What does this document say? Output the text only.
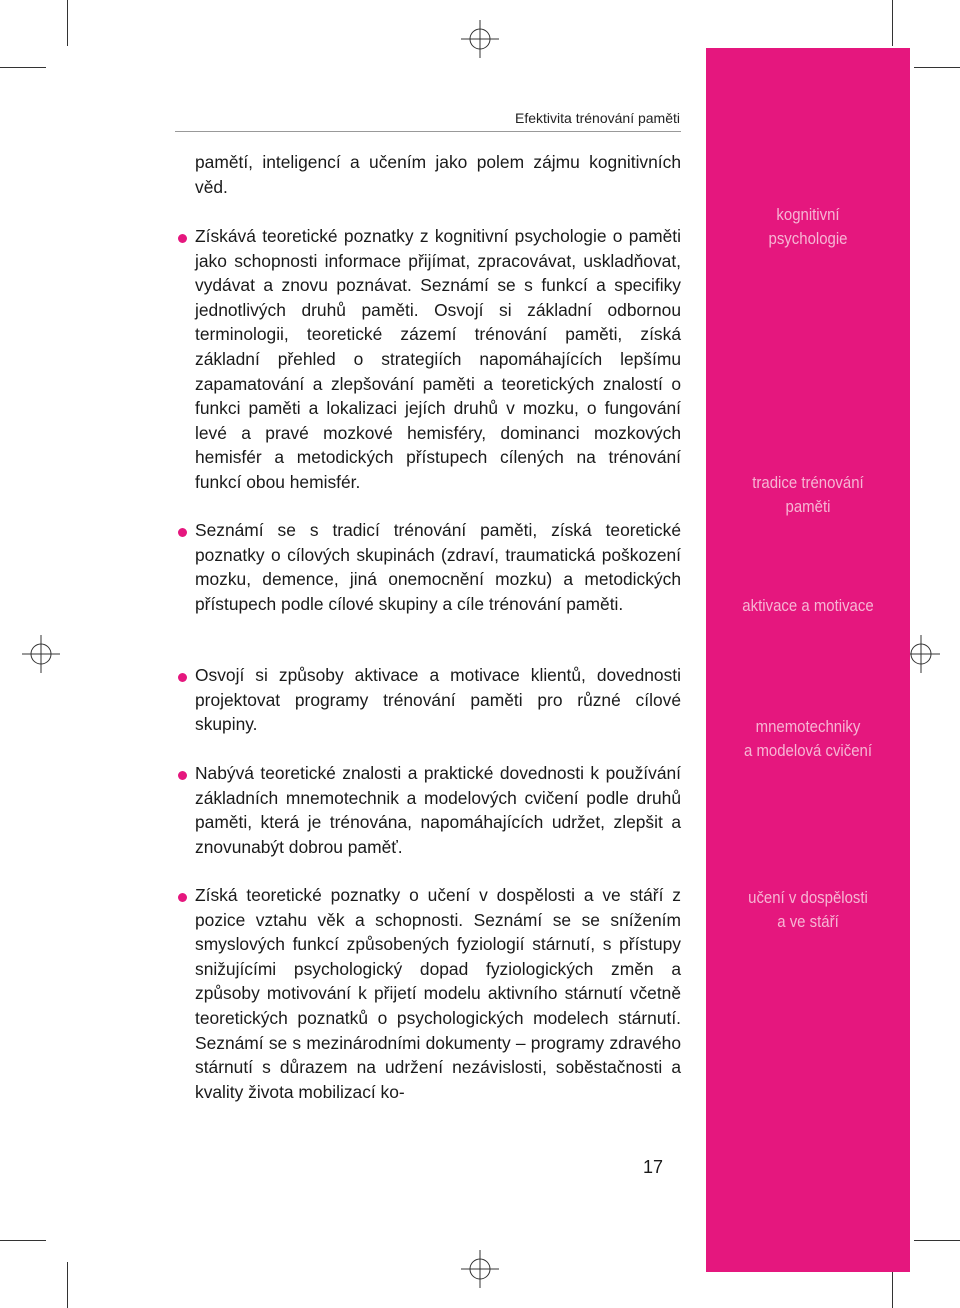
kognitivní
psychologie
tradice trénování
paměti
aktivace a motivace
mnemotechniky
a modelová cvičení
učení v dospělosti
a ve stáří
Efektivita trénování paměti

pamětí, inteligencí a učením jako polem zájmu kognitivních věd.

Získává teoretické poznatky z kognitivní psychologie o paměti jako schopnosti informace přijímat, zpracovávat, uskladňovat, vydávat a znovu poznávat. Seznámí se s funkcí a specifiky jednotlivých druhů paměti. Osvojí si základní odbornou terminologii, teoretické zázemí trénování paměti, získá základní přehled o strategiích napomáhajících lepšímu zapamatování a zlepšování paměti a teoretických znalostí o funkci paměti a lokalizaci jejích druhů v mozku, o fungování levé a pravé mozkové hemisféry, dominanci mozkových hemisfér a metodických přístupech cílených na trénování funkcí obou hemisfér.

Seznámí se s tradicí trénování paměti, získá teoretické poznatky o cílových skupinách (zdraví, traumatická poškození mozku, demence, jiná onemocnění mozku) a metodických přístupech podle cílové skupiny a cíle trénování paměti.

Osvojí si způsoby aktivace a motivace klientů, dovednosti projektovat programy trénování paměti pro různé cílové skupiny.

Nabývá teoretické znalosti a praktické dovednosti k používání základních mnemotechnik a modelových cvičení podle druhů paměti, která je trénována, napomáhajících udržet, zlepšit a znovunabýt dobrou paměť.

Získá teoretické poznatky o učení v dospělosti a ve stáří z pozice vztahu věk a schopnosti. Seznámí se se snížením smyslových funkcí způsobených fyziologií stárnutí, s přístupy snižujícími psychologický dopad fyziologických změn a způsoby motivování k přijetí modelu aktivního stárnutí včetně teoretických poznatků o psychologických modelech stárnutí. Seznámí se s mezinárodními dokumenty – programy zdravého stárnutí s důrazem na udržení nezávislosti, soběstačnosti a kvality života mobilizací ko-

17
